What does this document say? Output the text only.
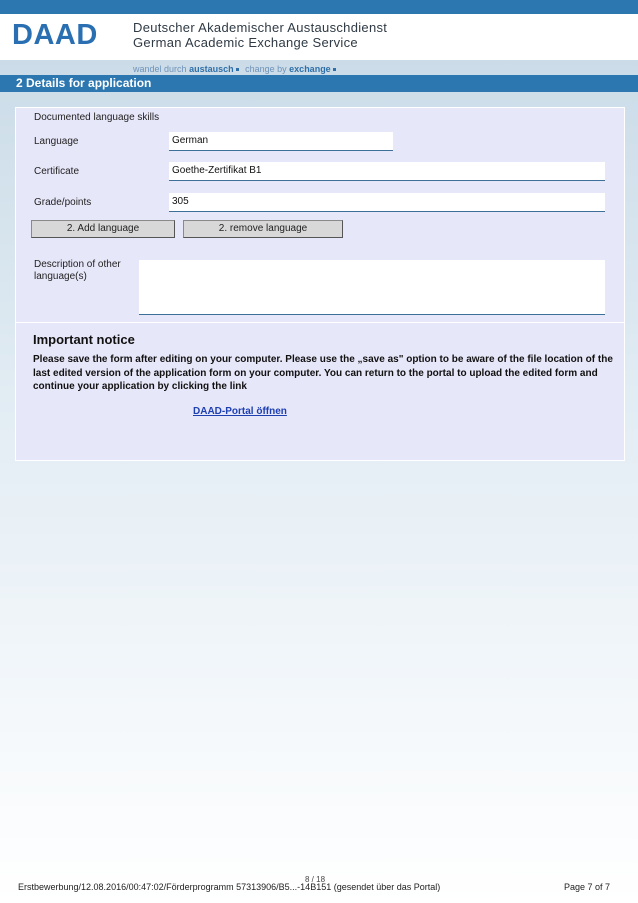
DAAD	Deutscher Akademischer Austauschdienst
German Academic Exchange Service
wandel durch austausch change by exchange
2 Details for application
Documented language skills
Language	German
Certificate	Goethe-Zertifikat B1
Grade/points	305
2. Add language	2. remove language
Description of other language(s)
Important notice
Please save the form after editing on your computer. Please use the „save as" option to be aware of the file location of the last edited version of the application form on your computer. You can return to the portal to upload the edited form and continue your application by clicking the link
DAAD-Portal öffnen
8 / 18
Erstbewerbung/12.08.2016/00:47:02/Förderprogramm 57313906/B5...-14B151 (gesendet über das Portal)	Page 7 of 7
